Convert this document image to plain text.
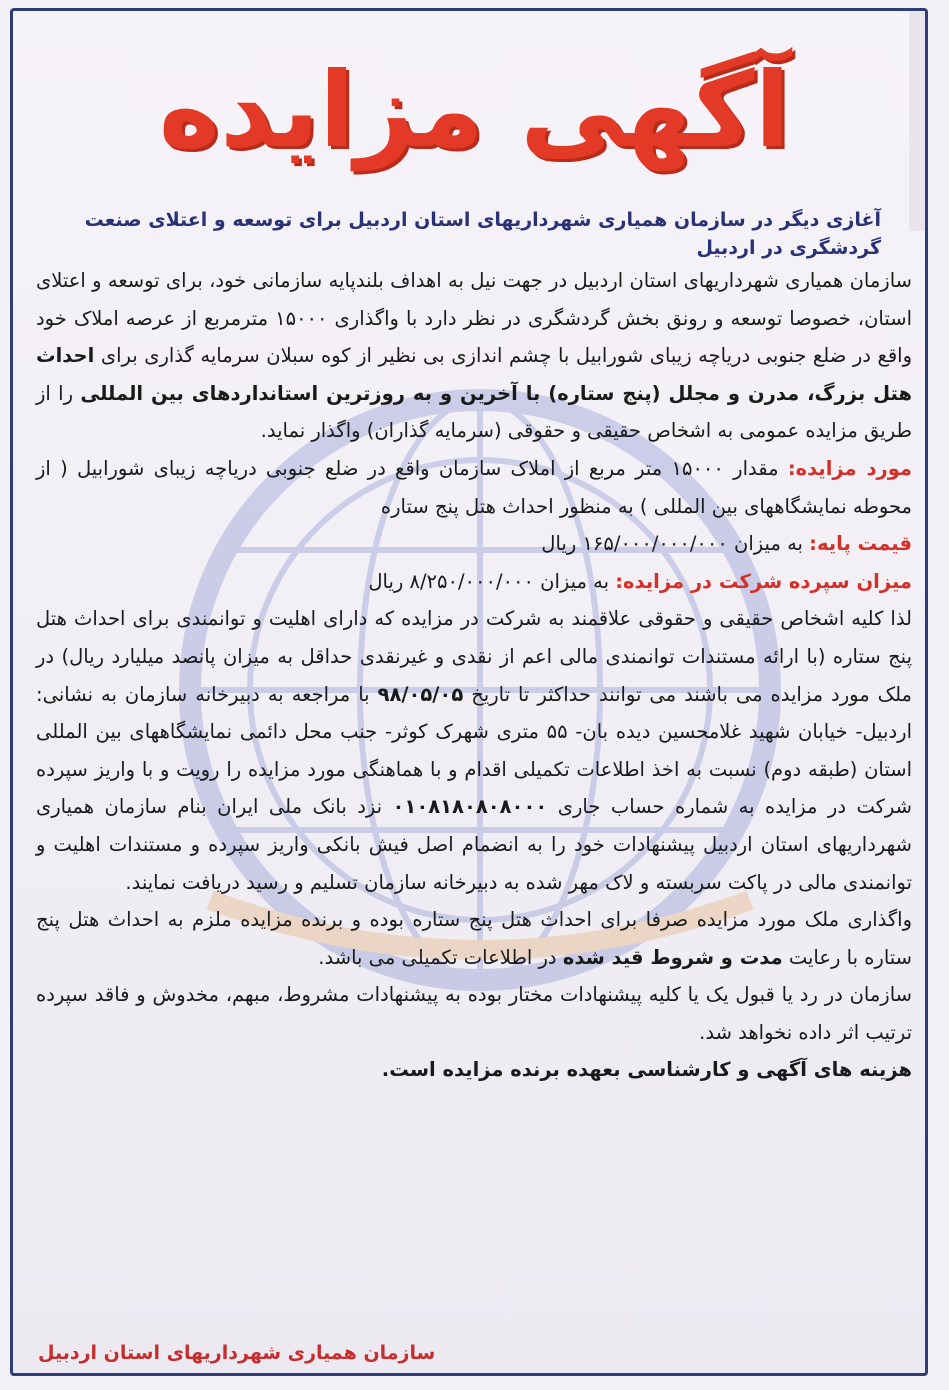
آگهی مزایده
آغازی دیگر در سازمان همیاری شهرداریهای استان اردبیل برای توسعه و اعتلای صنعت گردشگری در اردبیل

سازمان همیاری شهرداریهای استان اردبیل در جهت نیل به اهداف بلندپایه سازمانی خود، برای توسعه و اعتلای استان، خصوصا توسعه و رونق بخش گردشگری در نظر دارد با واگذاری ۱۵۰۰۰ مترمربع از عرصه املاک خود واقع در ضلع جنوبی دریاچه زیبای شورابیل با چشم اندازی بی نظیر از کوه سبلان سرمایه گذاری برای احداث هتل بزرگ، مدرن و مجلل (پنج ستاره) با آخرین و به روزترین استانداردهای بین المللی را از طریق مزایده عمومی به اشخاص حقیقی و حقوقی (سرمایه گذاران) واگذار نماید.

مورد مزایده: مقدار ۱۵۰۰۰ متر مربع از املاک سازمان واقع در ضلع جنوبی دریاچه زیبای شورابیل ( از محوطه نمایشگاههای بین المللی ) به منظور احداث هتل پنج ستاره

قیمت پایه: به میزان ۱۶۵/۰۰۰/۰۰۰/۰۰۰ ریال

میزان سپرده شرکت در مزایده: به میزان ۸/۲۵۰/۰۰۰/۰۰۰ ریال

لذا کلیه اشخاص حقیقی و حقوقی علاقمند به شرکت در مزایده که دارای اهلیت و توانمندی برای احداث هتل پنج ستاره (با ارائه مستندات توانمندی مالی اعم از نقدی و غیرنقدی حداقل به میزان پانصد میلیارد ریال) در ملک مورد مزایده می باشند می توانند حداکثر تا تاریخ ۹۸/۰۵/۰۵ با مراجعه به دبیرخانه سازمان به نشانی: اردبیل- خیابان شهید غلامحسین دیده بان- ۵۵ متری شهرک کوثر- جنب محل دائمی نمایشگاههای بین المللی استان (طبقه دوم) نسبت به اخذ اطلاعات تکمیلی اقدام و با هماهنگی مورد مزایده را رویت و با واریز سپرده شرکت در مزایده به شماره حساب جاری ۰۱۰۸۱۸۰۸۰۸۰۰۰ نزد بانک ملی ایران بنام سازمان همیاری شهرداریهای استان اردبیل پیشنهادات خود را به انضمام اصل فیش بانکی واریز سپرده و مستندات اهلیت و توانمندی مالی در پاکت سربسته و لاک مهر شده به دبیرخانه سازمان تسلیم و رسید دریافت نمایند.

واگذاری ملک مورد مزایده صرفا برای احداث هتل پنج ستاره بوده و برنده مزایده ملزم به احداث هتل پنج ستاره با رعایت مدت و شروط قید شده در اطلاعات تکمیلی می باشد.

سازمان در رد یا قبول یک یا کلیه پیشنهادات مختار بوده به پیشنهادات مشروط، مبهم، مخدوش و فاقد سپرده ترتیب اثر داده نخواهد شد.

هزینه های آگهی و کارشناسی بعهده برنده مزایده است.

سازمان همیاری شهرداریهای استان اردبیل
